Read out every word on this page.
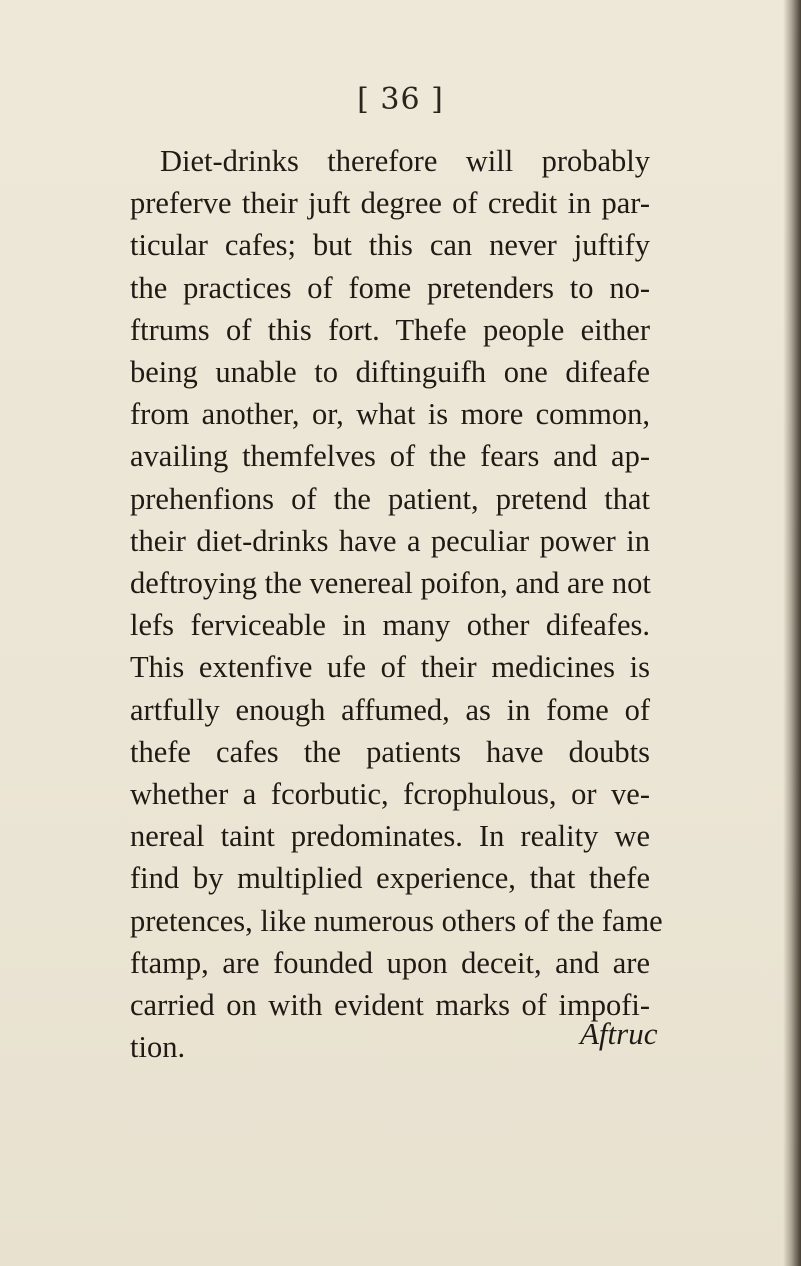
[ 36 ]
Diet-drinks therefore will probably
preferve their juft degree of credit in par-
ticular cafes; but this can never juftify
the practices of fome pretenders to no-
ftrums of this fort. Thefe people either
being unable to diftinguifh one difeafe
from another, or, what is more common,
availing themfelves of the fears and ap-
prehenfions of the patient, pretend that
their diet-drinks have a peculiar power in
deftroying the venereal poifon, and are not
lefs ferviceable in many other difeafes.
This extenfive ufe of their medicines is
artfully enough affumed, as in fome of
thefe cafes the patients have doubts
whether a fcorbutic, fcrophulous, or ve-
nereal taint predominates. In reality we
find by multiplied experience, that thefe
pretences, like numerous others of the fame
ftamp, are founded upon deceit, and are
carried on with evident marks of impofi-
tion.	Aftruc
